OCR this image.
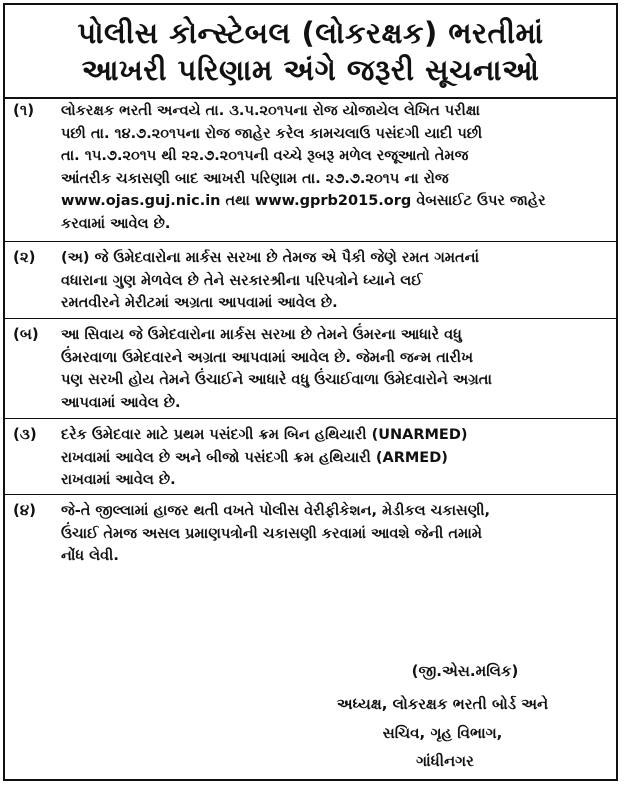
પોલીસ કોન્સ્ટેબલ (લોકરક્ષક) ભરતીમાં
આખરી પરિણામ અંગે જરૂરી સૂચનાઓ
(૧) લોકરક્ષક ભરતી અન્વયે તા. ૩.૫.૨૦૧૫ના રોજ યોજાયેલ લેખિત પરીક્ષા
પછી તા. ૧૪.૭.૨૦૧૫ના રોજ જાહેર કરેલ કામચલાઉ પસંદગી યાદી પછી
તા. ૧૫.૭.૨૦૧૫ થી ૨૨.૭.૨૦૧૫ની વચ્ચે રૂબરૂ મળેલ રજૂઆતો તેમજ
આંતરીક ચકાસણી બાદ આખરી પરિણામ તા. ૨૭.૭.૨૦૧૫ ના રોજ
www.ojas.guj.nic.in તથા www.gprb2015.org વેબસાઈટ ઉપર જાહેર
કરવામાં આવેલ છે.
(૨) (અ) જે ઉમેદવારોના માર્કસ સરખા છે તેમજ એ પૈકી જેણે રમત ગમતનાં
વધારાના ગુણ મેળવેલ છે તેને સરકારશ્રીના પરિપત્રોને ધ્યાને લઈ
રમતવીરને મેરીટમાં અગ્રતા આપવામાં આવેલ છે.
(બ) આ સિવાય જે ઉમેદવારોના માર્કસ સરખા છે તેમને ઉંમરના આધારે વધુ
ઉંમરવાળા ઉમેદવારને અગ્રતા આપવામાં આવેલ છે. જેમની જન્મ તારીખ
પણ સરખી હોય તેમને ઉંચાઈને આધારે વધુ ઉંચાઈવાળા ઉમેદવારોને અગ્રતા
આપવામાં આવેલ છે.
(૩) દરેક ઉમેદવાર માટે પ્રથમ પસંદગી ક્રમ બિન હથિયારી (UNARMED)
રાખવામાં આવેલ છે અને બીજો પસંદગી ક્રમ હથિયારી (ARMED)
રાખવામાં આવેલ છે.
(૪) જે-તે જીલ્લામાં હાજર થતી વખતે પોલીસ વેરીફીકેશન, મેડીકલ ચકાસણી,
ઉંચાઈ તેમજ અસલ પ્રમાણપત્રોની ચકાસણી કરવામાં આવશે જેની તમામે
નોંધ લેવી.
(જી.એસ.મલિક)
અધ્યક્ષ, લોકરક્ષક ભરતી બોર્ડ અને
સચિવ, ગૃહ વિભાગ,
ગાંધીનગર
